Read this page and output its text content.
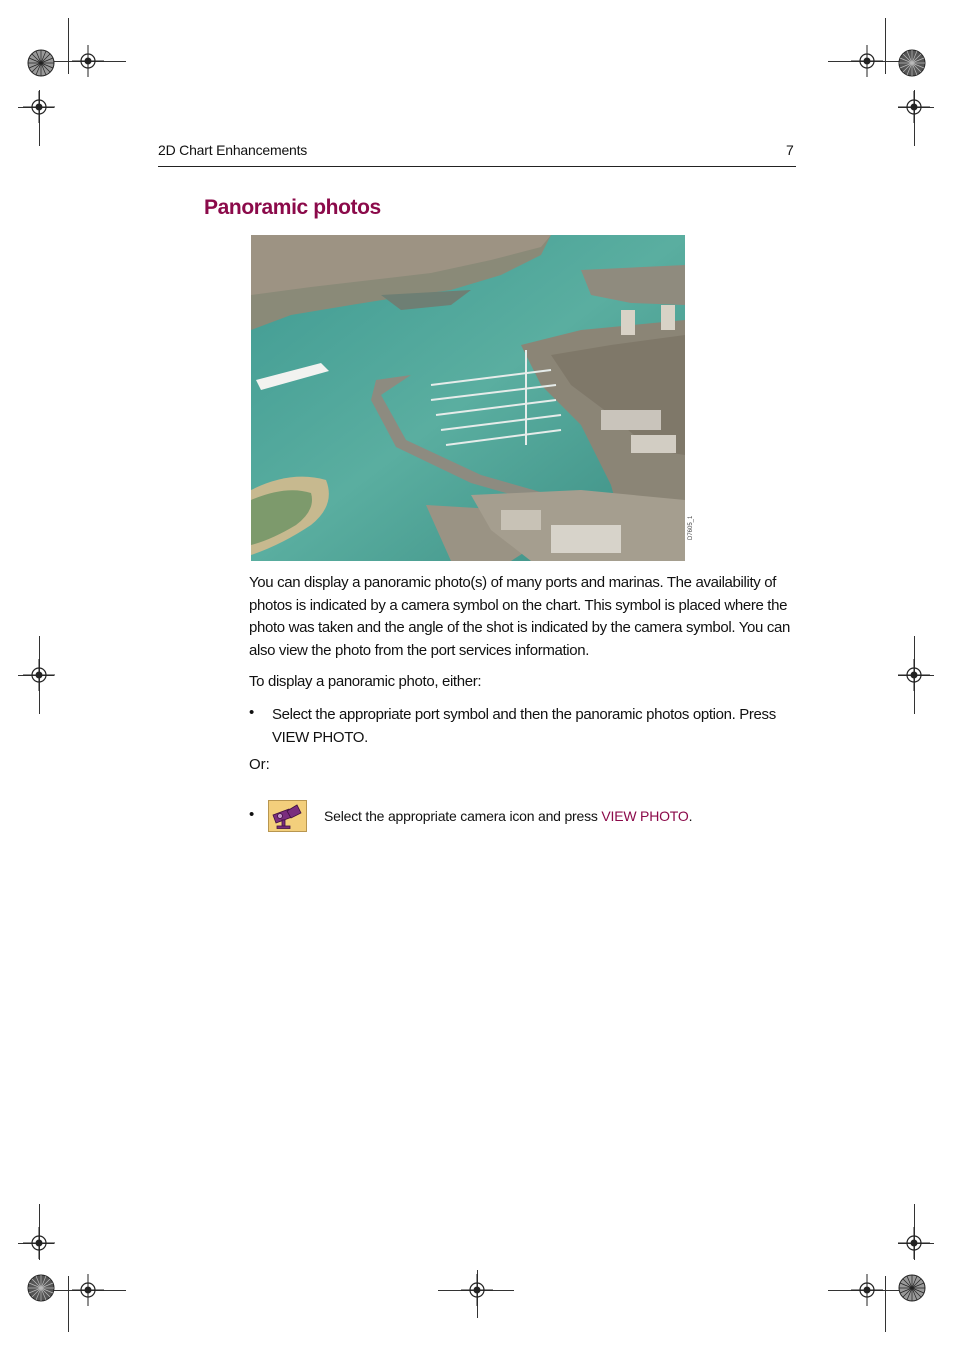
2D Chart Enhancements	7
Panoramic photos
D7605_1
You can display a panoramic photo(s) of many ports and marinas. The availability of photos is indicated by a camera symbol on the chart. This symbol is placed where the photo was taken and the angle of the shot is indicated by the camera symbol. You can also view the photo from the port services information.
To display a panoramic photo, either:
• Select the appropriate port symbol and then the panoramic photos option. Press VIEW PHOTO.
Or:
•	Select the appropriate camera icon and press VIEW PHOTO.
